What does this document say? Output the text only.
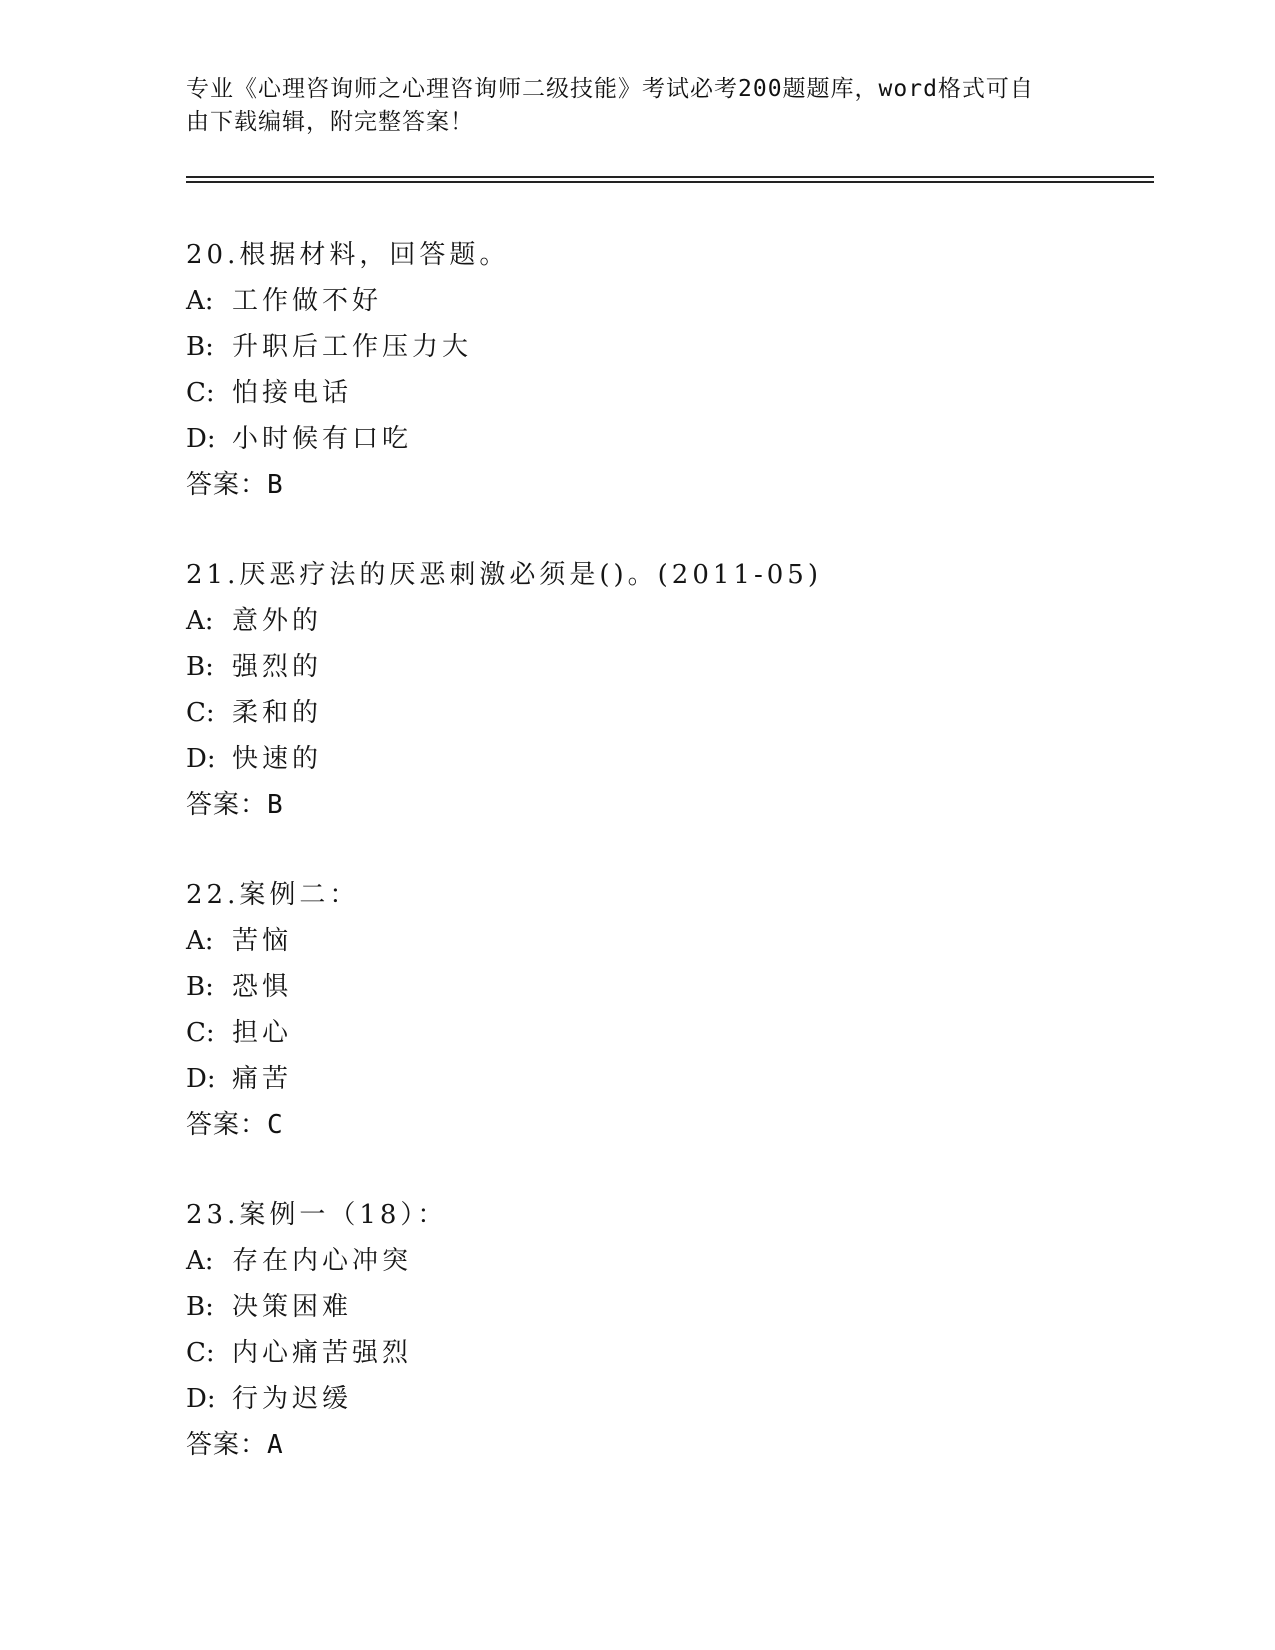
专业《心理咨询师之心理咨询师二级技能》考试必考200题题库，word格式可自
由下载编辑，附完整答案！
20.根据材料，回答题。
A: 工作做不好
B: 升职后工作压力大
C: 怕接电话
D: 小时候有口吃
答案：B
21.厌恶疗法的厌恶刺激必须是()。(2011-05)
A: 意外的
B: 强烈的
C: 柔和的
D: 快速的
答案：B
22.案例二：
A: 苦恼
B: 恐惧
C: 担心
D: 痛苦
答案：C
23.案例一（18）：
A: 存在内心冲突
B: 决策困难
C: 内心痛苦强烈
D: 行为迟缓
答案：A
